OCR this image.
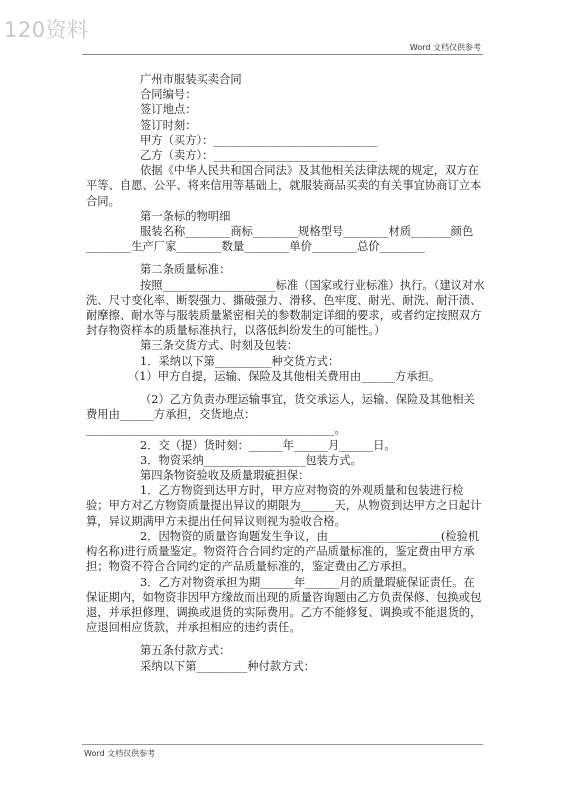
120资料
Word 文档仅供参考

广州市服装买卖合同

合同编号：

签订地点：

签订时刻：

甲方（买方）：_____________________________

乙方（卖方）：_____________________________

依据《中华人民共和国合同法》及其他相关法律法规的规定，双方在平等、自愿、公平、将来信用等基础上，就服装商品买卖的有关事宜协商订立本合同。

第一条标的物明细

服装名称________商标________规格型号________材质_______颜色________生产厂家________数量________单价________总价________

第二条质量标准：

按照____________________标准（国家或行业标准）执行。（建议对水洗、尺寸变化率、断裂强力、撕破强力、滑移、色牢度、耐光、耐洗、耐汗渍、耐摩擦、耐水等与服装质量紧密相关的参数制定详细的要求，或者约定按照双方封存物资样本的质量标准执行，以落低纠纷发生的可能性。）

第三条交货方式、时刻及包装：

1．采纳以下第__________种交货方式：

（1）甲方自提，运输、保险及其他相关费用由______方承担。

（2）乙方负责办理运输事宜，货交承运人，运输、保险及其他相关费用由______方承担，交货地点：____________________________________________。

2．交（提）货时刻：______年______月______日。

3．物资采纳__________________包装方式。

第四条物资验收及质量瑕疵担保：

1．乙方物资到达甲方时，甲方应对物资的外观质量和包装进行检验；甲方对乙方物资质量提出异议的期限为______天，从物资到达甲方之日起计算，异议期满甲方未提出任何异议则视为验收合格。

2．因物资的质量咨询题发生争议，由____________________(检验机构名称)进行质量鉴定。物资符合合同约定的产品质量标准的，鉴定费由甲方承担；物资不符合合同约定的产品质量标准的，鉴定费由乙方承担。

3．乙方对物资承担为期______年______月的质量瑕疵保证责任。在保证期内，如物资非因甲方缘故而出现的质量咨询题由乙方负责保修、包换或包退，并承担修理、调换或退货的实际费用。乙方不能修复、调换或不能退货的，应退回相应货款，并承担相应的违约责任。

第五条付款方式：

采纳以下第_________种付款方式：

Word 文档仅供参考
